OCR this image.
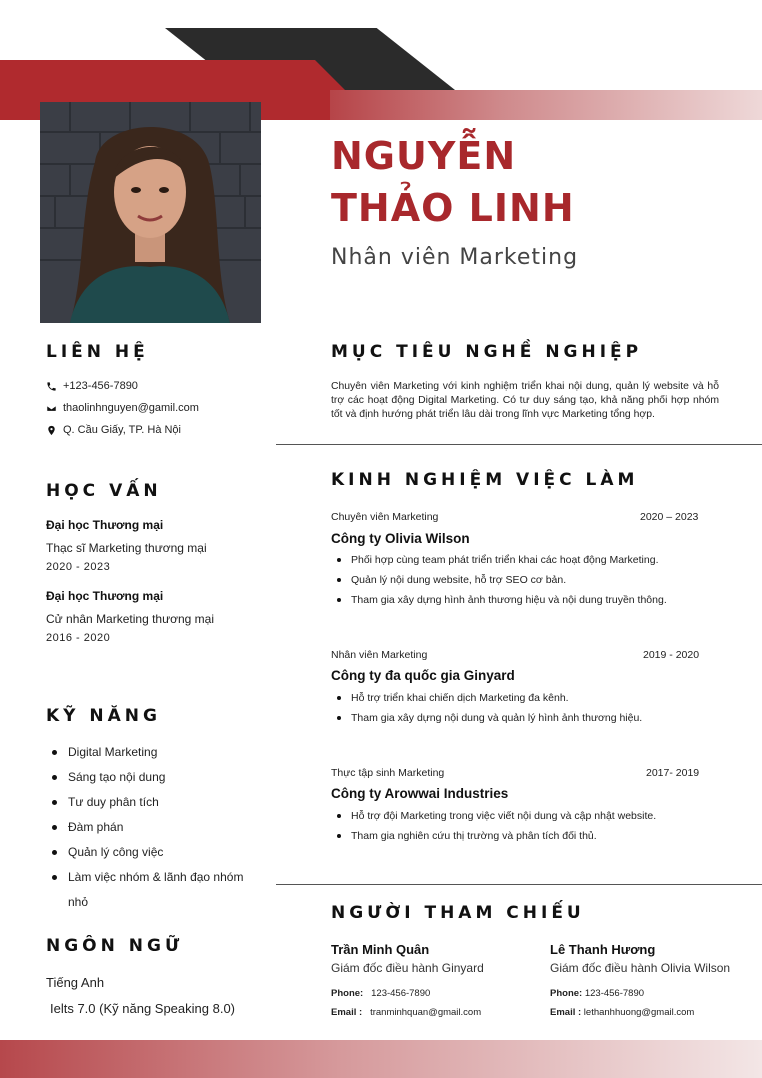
NGUYỄN
THẢO LINH
Nhân viên Marketing
LIÊN HỆ
+123-456-7890
thaolinhnguyen@gamil.com
Q. Cầu Giấy, TP. Hà Nội
HỌC VẤN
Đại học Thương mại
Thạc sĩ Marketing thương mại
2020 - 2023
Đại học Thương mại
Cử nhân Marketing thương mại
2016 - 2020
KỸ NĂNG
Digital Marketing
Sáng tạo nội dung
Tư duy phân tích
Đàm phán
Quản lý công việc
Làm việc nhóm & lãnh đạo nhóm nhỏ
NGÔN NGỮ
Tiếng Anh
Ielts 7.0 (Kỹ năng Speaking 8.0)
MỤC TIÊU NGHỀ NGHIỆP
Chuyên viên Marketing với kinh nghiệm triển khai nội dung, quản lý website và hỗ trợ các hoạt động Digital Marketing. Có tư duy sáng tạo, khả năng phối hợp nhóm tốt và định hướng phát triển lâu dài trong lĩnh vực Marketing tổng hợp.
KINH NGHIỆM VIỆC LÀM
Chuyên viên Marketing	2020 – 2023
Công ty Olivia Wilson
Phối hợp cùng team phát triển triển khai các hoạt động Marketing.
Quản lý nội dung website, hỗ trợ SEO cơ bản.
Tham gia xây dựng hình ảnh thương hiệu và nội dung truyền thông.
Nhân viên Marketing	2019 - 2020
Công ty đa quốc gia Ginyard
Hỗ trợ triển khai chiến dịch Marketing đa kênh.
Tham gia xây dựng nội dung và quản lý hình ảnh thương hiệu.
Thực tập sinh Marketing	2017- 2019
Công ty Arowwai Industries
Hỗ trợ đội Marketing trong việc viết nội dung và cập nhật website.
Tham gia nghiên cứu thị trường và phân tích đối thủ.
NGƯỜI THAM CHIẾU
Trần Minh Quân
Giám đốc điều hành Ginyard
Phone: 123-456-7890
Email : tranminhquan@gmail.com
Lê Thanh Hương
Giám đốc điều hành Olivia Wilson
Phone: 123-456-7890
Email : lethanhhuong@gmail.com
